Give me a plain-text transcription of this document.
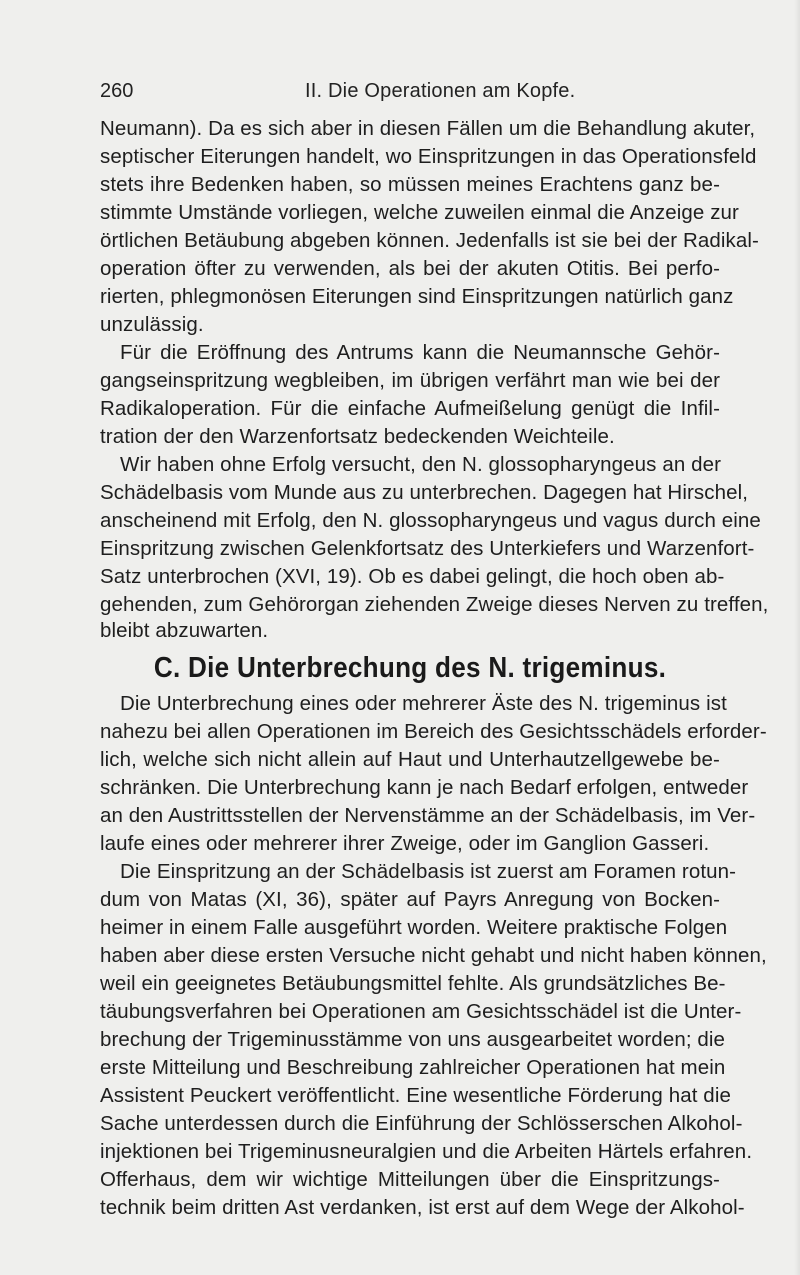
260	II. Die Operationen am Kopfe.
Neumann). Da es sich aber in diesen Fällen um die Behandlung akuter,
septischer Eiterungen handelt, wo Einspritzungen in das Operationsfeld
stets ihre Bedenken haben, so müssen meines Erachtens ganz be-
stimmte Umstände vorliegen, welche zuweilen einmal die Anzeige zur
örtlichen Betäubung abgeben können. Jedenfalls ist sie bei der Radikal-
operation öfter zu verwenden, als bei der akuten Otitis. Bei perfo-
rierten, phlegmonösen Eiterungen sind Einspritzungen natürlich ganz
unzulässig.
Für die Eröffnung des Antrums kann die Neumannsche Gehör-
gangseinspritzung wegbleiben, im übrigen verfährt man wie bei der
Radikaloperation. Für die einfache Aufmeißelung genügt die Infil-
tration der den Warzenfortsatz bedeckenden Weichteile.
Wir haben ohne Erfolg versucht, den N. glossopharyngeus an der
Schädelbasis vom Munde aus zu unterbrechen. Dagegen hat Hirschel,
anscheinend mit Erfolg, den N. glossopharyngeus und vagus durch eine
Einspritzung zwischen Gelenkfortsatz des Unterkiefers und Warzenfort-
Satz unterbrochen (XVI, 19). Ob es dabei gelingt, die hoch oben ab-
gehenden, zum Gehörorgan ziehenden Zweige dieses Nerven zu treffen,
bleibt abzuwarten.
C. Die Unterbrechung des N. trigeminus.
Die Unterbrechung eines oder mehrerer Äste des N. trigeminus ist
nahezu bei allen Operationen im Bereich des Gesichtsschädels erforder-
lich, welche sich nicht allein auf Haut und Unterhautzellgewebe be-
schränken. Die Unterbrechung kann je nach Bedarf erfolgen, entweder
an den Austrittsstellen der Nervenstämme an der Schädelbasis, im Ver-
laufe eines oder mehrerer ihrer Zweige, oder im Ganglion Gasseri.
Die Einspritzung an der Schädelbasis ist zuerst am Foramen rotun-
dum von Matas (XI, 36), später auf Payrs Anregung von Bocken-
heimer in einem Falle ausgeführt worden. Weitere praktische Folgen
haben aber diese ersten Versuche nicht gehabt und nicht haben können,
weil ein geeignetes Betäubungsmittel fehlte. Als grundsätzliches Be-
täubungsverfahren bei Operationen am Gesichtsschädel ist die Unter-
brechung der Trigeminusstämme von uns ausgearbeitet worden; die
erste Mitteilung und Beschreibung zahlreicher Operationen hat mein
Assistent Peuckert veröffentlicht. Eine wesentliche Förderung hat die
Sache unterdessen durch die Einführung der Schlösserschen Alkohol-
injektionen bei Trigeminusneuralgien und die Arbeiten Härtels erfahren.
Offerhaus, dem wir wichtige Mitteilungen über die Einspritzungs-
technik beim dritten Ast verdanken, ist erst auf dem Wege der Alkohol-
